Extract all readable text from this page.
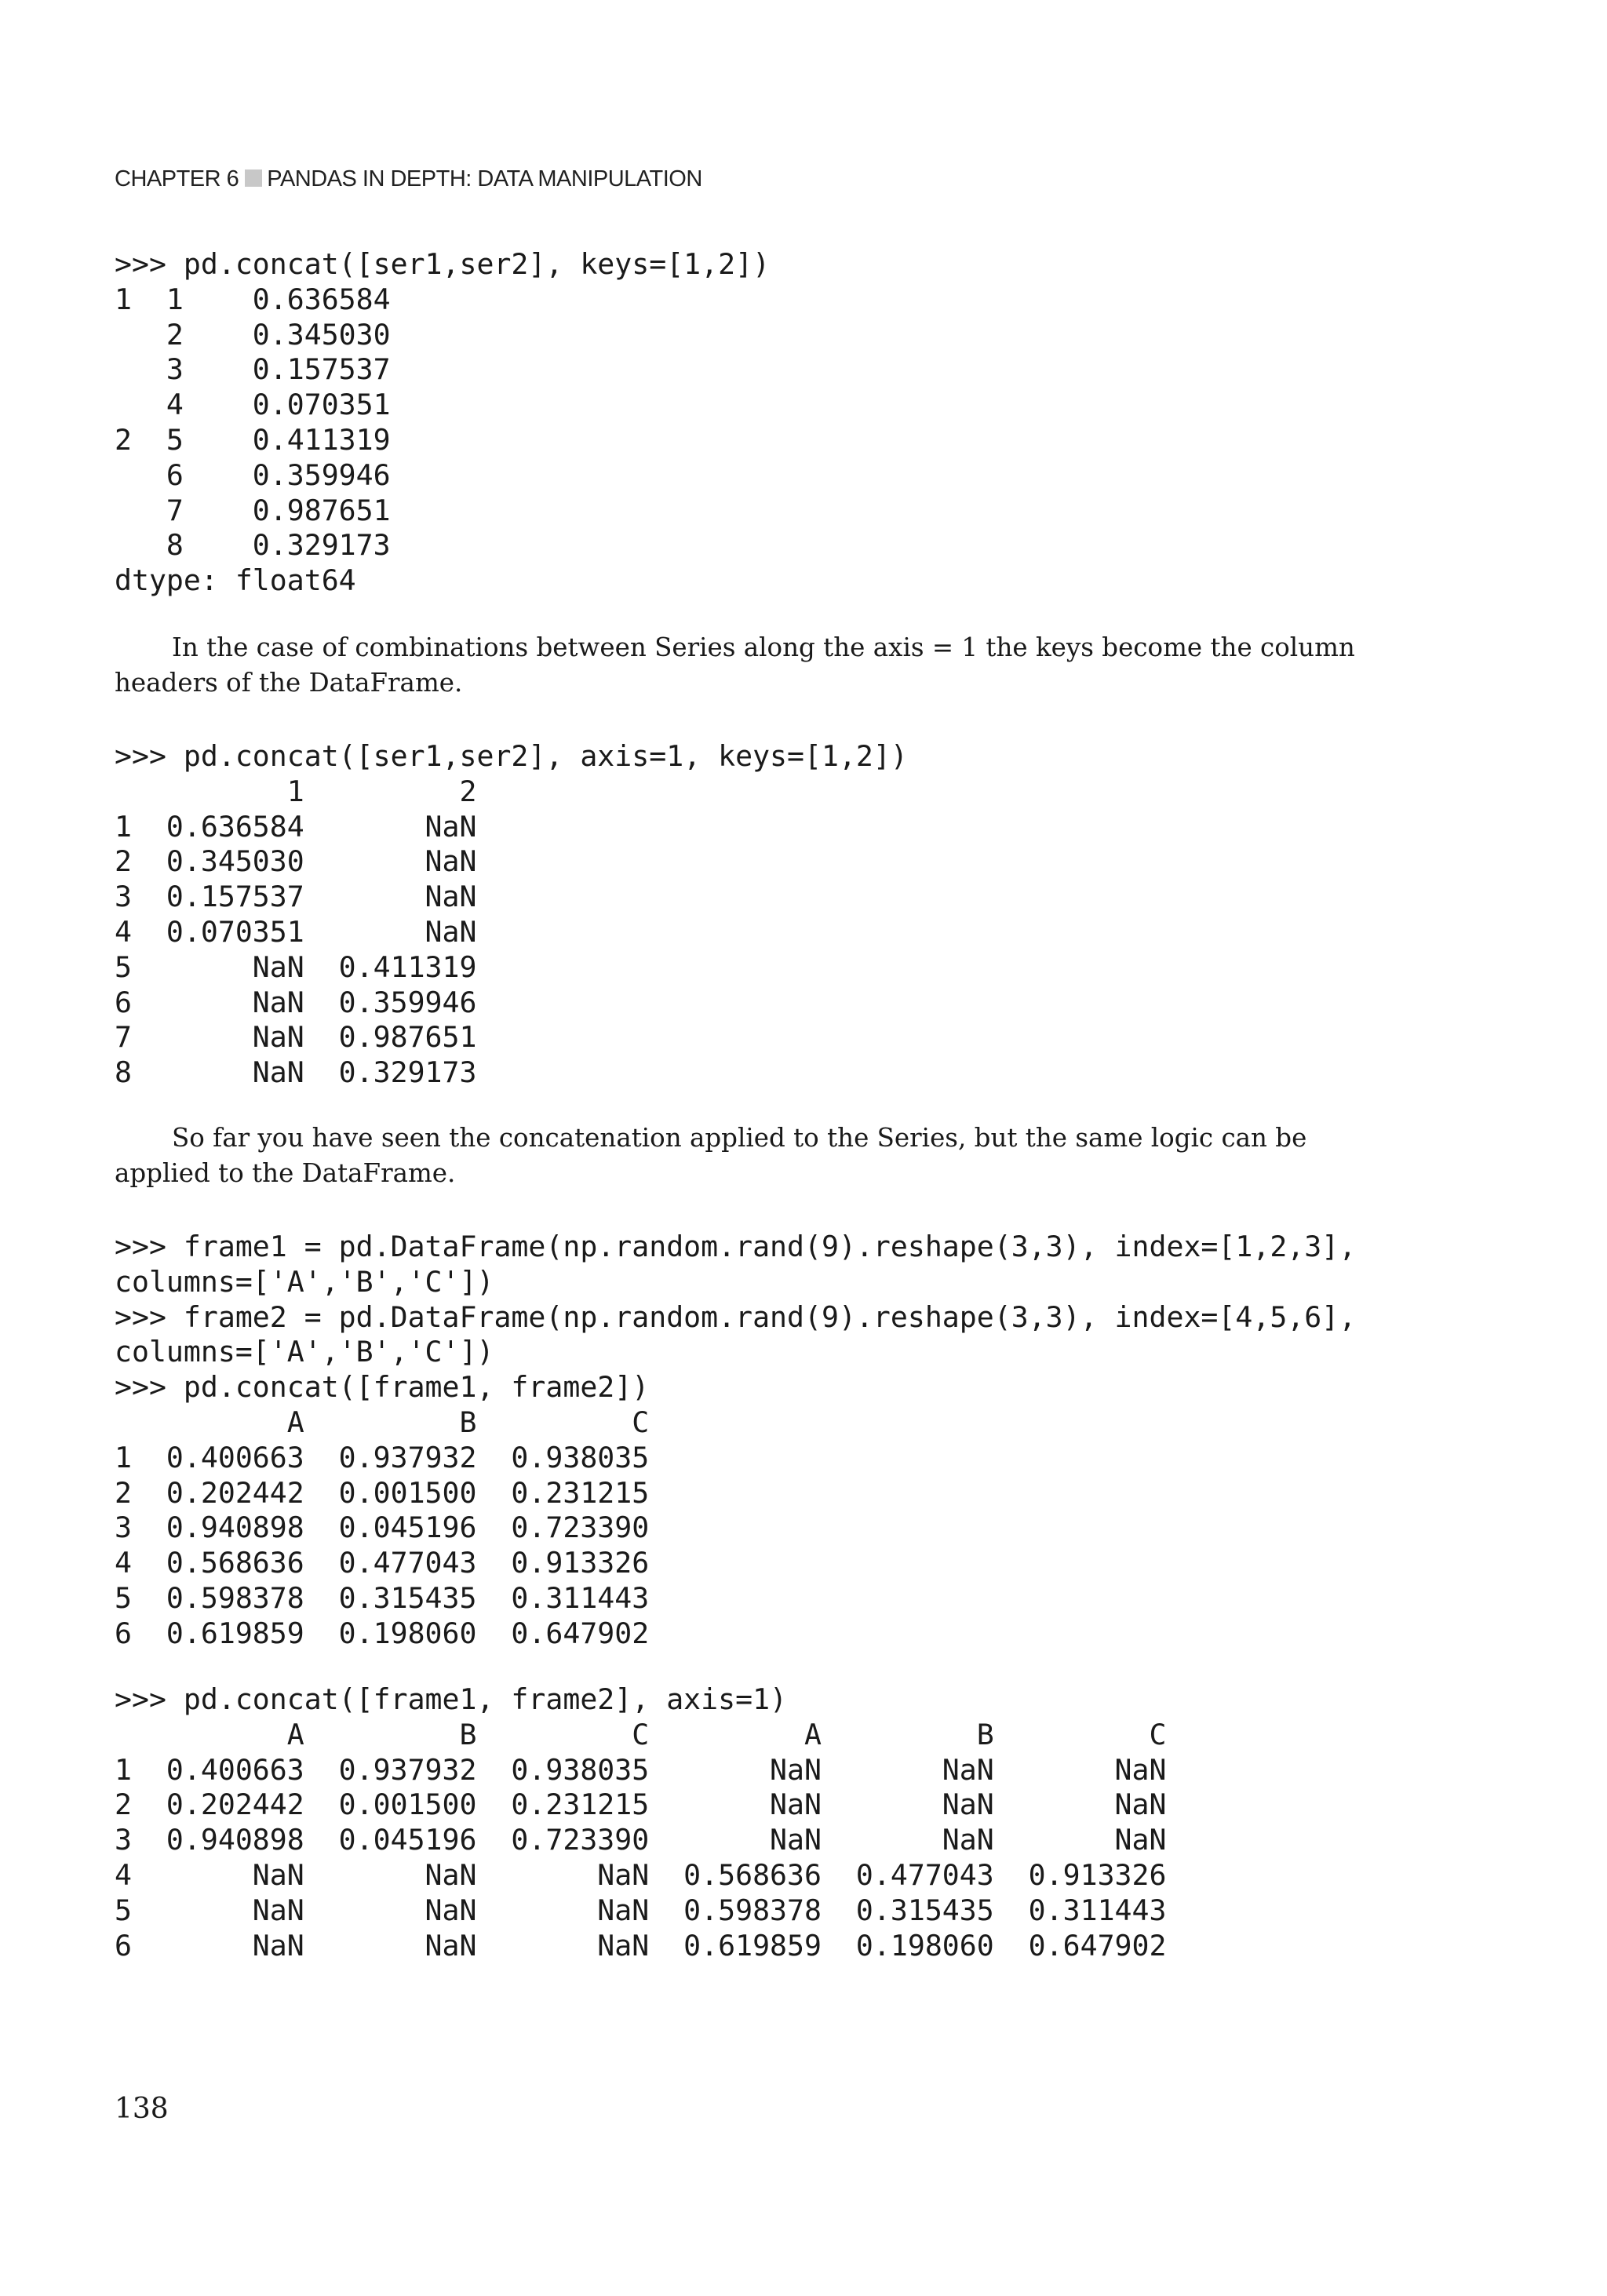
CHAPTER 6 PANDAS IN DEPTH: DATA MANIPULATION
>>> pd.concat([ser1,ser2], keys=[1,2])
1  1    0.636584
2    0.345030
3    0.157537
4    0.070351
2  5    0.411319
6    0.359946
7    0.987651
8    0.329173
dtype: float64

In the case of combinations between Series along the axis = 1 the keys become the column headers of the DataFrame.

>>> pd.concat([ser1,ser2], axis=1, keys=[1,2])
1         2
1  0.636584       NaN
2  0.345030       NaN
3  0.157537       NaN
4  0.070351       NaN
5       NaN  0.411319
6       NaN  0.359946
7       NaN  0.987651
8       NaN  0.329173

So far you have seen the concatenation applied to the Series, but the same logic can be applied to the DataFrame.

>>> frame1 = pd.DataFrame(np.random.rand(9).reshape(3,3), index=[1,2,3],
columns=['A','B','C'])
>>> frame2 = pd.DataFrame(np.random.rand(9).reshape(3,3), index=[4,5,6],
columns=['A','B','C'])
>>> pd.concat([frame1, frame2])
A         B         C
1  0.400663  0.937932  0.938035
2  0.202442  0.001500  0.231215
3  0.940898  0.045196  0.723390
4  0.568636  0.477043  0.913326
5  0.598378  0.315435  0.311443
6  0.619859  0.198060  0.647902
>>> pd.concat([frame1, frame2], axis=1)
A         B         C         A         B         C
1  0.400663  0.937932  0.938035       NaN       NaN       NaN
2  0.202442  0.001500  0.231215       NaN       NaN       NaN
3  0.940898  0.045196  0.723390       NaN       NaN       NaN
4       NaN       NaN       NaN  0.568636  0.477043  0.913326
5       NaN       NaN       NaN  0.598378  0.315435  0.311443
6       NaN       NaN       NaN  0.619859  0.198060  0.647902
138
